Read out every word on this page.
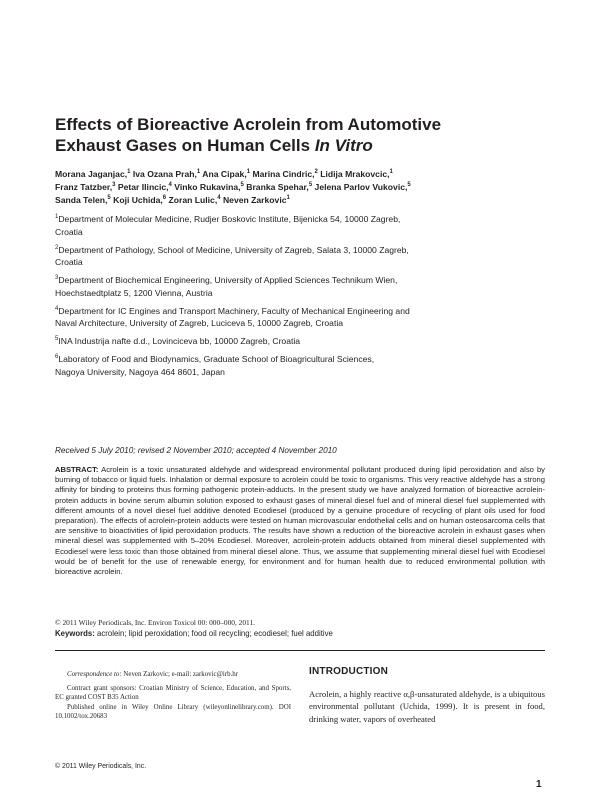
Effects of Bioreactive Acrolein from Automotive
Exhaust Gases on Human Cells In Vitro
Morana Jaganjac,$^1$ Iva Ozana Prah,$^1$ Ana Cipak,$^1$ Marina Cindric,$^2$ Lidija Mrakovcic,$^1$
Franz Tatzber,$^3$ Petar Ilincic,$^4$ Vinko Rukavina,$^5$ Branka Spehar,$^5$ Jelena Parlov Vukovic,$^5$
Sanda Telen,$^5$ Koji Uchida,$^6$ Zoran Lulic,$^4$ Neven Zarkovic$^1$
$^1$Department of Molecular Medicine, Rudjer Boskovic Institute, Bijenicka 54, 10000 Zagreb,
Croatia
$^2$Department of Pathology, School of Medicine, University of Zagreb, Salata 3, 10000 Zagreb,
Croatia
$^3$Department of Biochemical Engineering, University of Applied Sciences Technikum Wien,
Hoechstaedtplatz 5, 1200 Vienna, Austria
$^4$Department for IC Engines and Transport Machinery, Faculty of Mechanical Engineering and
Naval Architecture, University of Zagreb, Luciceva 5, 10000 Zagreb, Croatia
$^5$INA Industrija nafte d.d., Lovinciceva bb, 10000 Zagreb, Croatia
$^6$Laboratory of Food and Biodynamics, Graduate School of Bioagricultural Sciences,
Nagoya University, Nagoya 464 8601, Japan
Received 5 July 2010; revised 2 November 2010; accepted 4 November 2010
ABSTRACT: Acrolein is a toxic unsaturated aldehyde and widespread environmental pollutant produced during lipid peroxidation and also by burning of tobacco or liquid fuels. Inhalation or dermal exposure to acrolein could be toxic to organisms. This very reactive aldehyde has a strong affinity for binding to proteins thus forming pathogenic protein-adducts. In the present study we have analyzed formation of bioreactive acrolein-protein adducts in bovine serum albumin solution exposed to exhaust gases of mineral diesel fuel and of mineral diesel fuel supplemented with different amounts of a novel diesel fuel additive denoted Ecodiesel (produced by a genuine procedure of recycling of plant oils used for food preparation). The effects of acrolein-protein adducts were tested on human microvascular endothelial cells and on human osteosarcoma cells that are sensitive to bioactivities of lipid peroxidation products. The results have shown a reduction of the bioreactive acrolein in exhaust gases when mineral diesel was supplemented with 5–20% Ecodiesel. Moreover, acrolein-protein adducts obtained from mineral diesel supplemented with Ecodiesel were less toxic than those obtained from mineral diesel alone. Thus, we assume that supplementing mineral diesel fuel with Ecodiesel would be of benefit for the use of renewable energy, for environment and for human health due to reduced environmental pollution with bioreactive acrolein.
© 2011 Wiley Periodicals, Inc. Environ Toxicol 00: 000–000, 2011.
Keywords: acrolein; lipid peroxidation; food oil recycling; ecodiesel; fuel additive

Correspondence to: Neven Zarkovic; e-mail: zarkovic@irb.hr

Contract grant sponsors: Croatian Ministry of Science, Education, and Sports, EC granted COST B35 Action

Published online in Wiley Online Library (wileyonlinelibrary.com). DOI 10.1002/tox.20683

INTRODUCTION
Acrolein, a highly reactive α,β-unsaturated aldehyde, is a ubiquitous environmental pollutant (Uchida, 1999). It is present in food, drinking water, vapors of overheated
© 2011 Wiley Periodicals, Inc.
1
